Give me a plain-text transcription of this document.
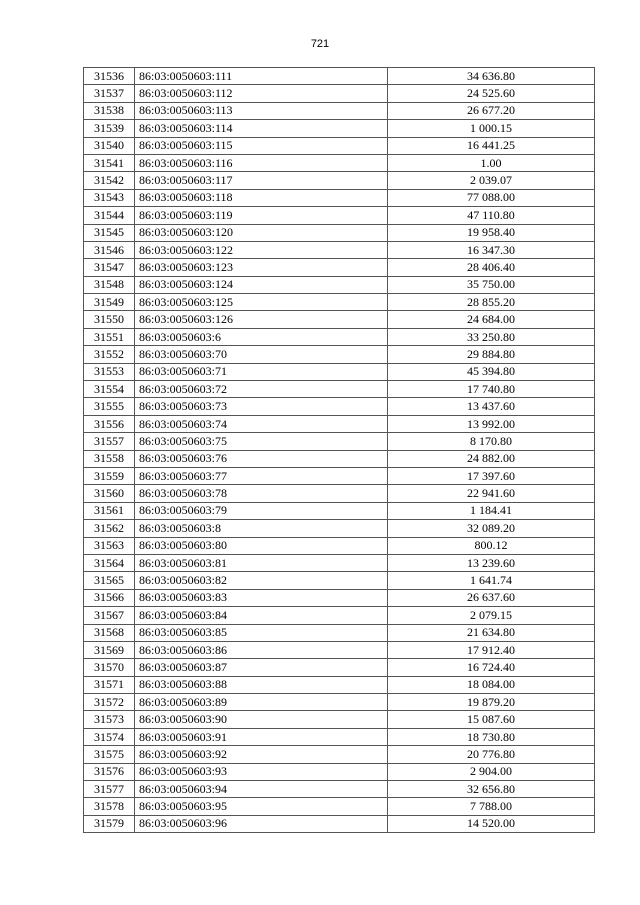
721
31536	86:03:0050603:111	34 636.80
31537	86:03:0050603:112	24 525.60
31538	86:03:0050603:113	26 677.20
31539	86:03:0050603:114	1 000.15
31540	86:03:0050603:115	16 441.25
31541	86:03:0050603:116	1.00
31542	86:03:0050603:117	2 039.07
31543	86:03:0050603:118	77 088.00
31544	86:03:0050603:119	47 110.80
31545	86:03:0050603:120	19 958.40
31546	86:03:0050603:122	16 347.30
31547	86:03:0050603:123	28 406.40
31548	86:03:0050603:124	35 750.00
31549	86:03:0050603:125	28 855.20
31550	86:03:0050603:126	24 684.00
31551	86:03:0050603:6	33 250.80
31552	86:03:0050603:70	29 884.80
31553	86:03:0050603:71	45 394.80
31554	86:03:0050603:72	17 740.80
31555	86:03:0050603:73	13 437.60
31556	86:03:0050603:74	13 992.00
31557	86:03:0050603:75	8 170.80
31558	86:03:0050603:76	24 882.00
31559	86:03:0050603:77	17 397.60
31560	86:03:0050603:78	22 941.60
31561	86:03:0050603:79	1 184.41
31562	86:03:0050603:8	32 089.20
31563	86:03:0050603:80	800.12
31564	86:03:0050603:81	13 239.60
31565	86:03:0050603:82	1 641.74
31566	86:03:0050603:83	26 637.60
31567	86:03:0050603:84	2 079.15
31568	86:03:0050603:85	21 634.80
31569	86:03:0050603:86	17 912.40
31570	86:03:0050603:87	16 724.40
31571	86:03:0050603:88	18 084.00
31572	86:03:0050603:89	19 879.20
31573	86:03:0050603:90	15 087.60
31574	86:03:0050603:91	18 730.80
31575	86:03:0050603:92	20 776.80
31576	86:03:0050603:93	2 904.00
31577	86:03:0050603:94	32 656.80
31578	86:03:0050603:95	7 788.00
31579	86:03:0050603:96	14 520.00
